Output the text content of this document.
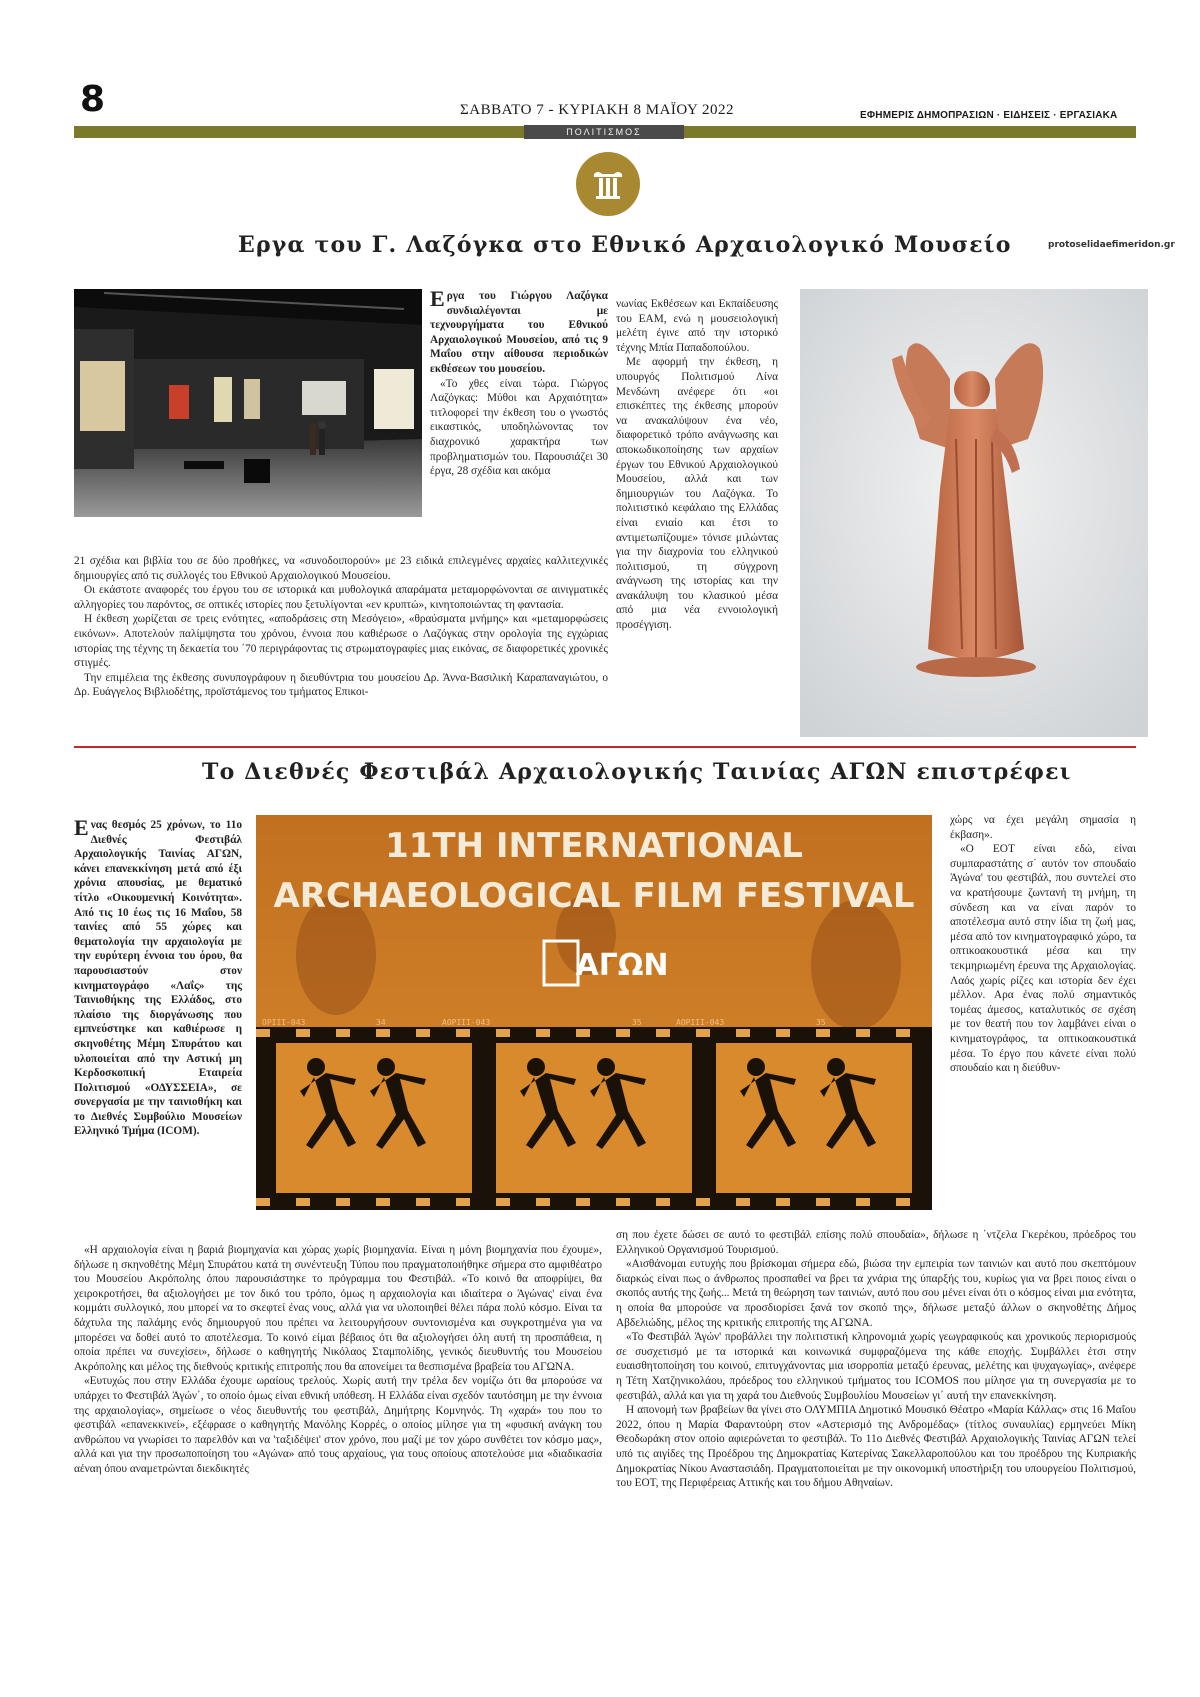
8	ΣΑΒΒΑΤΟ 7 - ΚΥΡΙΑΚΗ 8 ΜΑΪΟΥ 2022	ΕΦΗΜΕΡΙΣ ΔΗΜΟΠΡΑΣΙΩΝ · ΕΙΔΗΣΕΙΣ · ΕΡΓΑΣΙΑΚΑ
ΠΟΛΙΤΙΣΜΟΣ
Εργα του Γ. Λαζόγκα στο Εθνικό Αρχαιολογικό Μουσείο	protoselidaefimeridon.gr

Εργα του Γιώργου Λαζόγκα συνδιαλέγονται με τεχνουργήματα του Εθνικού Αρχαιολογικού Μουσείου, από τις 9 Μαΐου στην αίθουσα περιοδικών εκθέσεων του μουσείου.

«Το χθες είναι τώρα. Γιώργος Λαζόγκας: Μύθοι και Αρχαιότητα» τιτλοφορεί την έκθεση του ο γνωστός εικαστικός, υποδηλώνοντας τον διαχρονικό χαρακτήρα των προβληματισμών του. Παρουσιάζει 30 έργα, 28 σχέδια και ακόμα

21 σχέδια και βιβλία του σε δύο προθήκες, να «συνοδοιπορούν» με 23 ειδικά επιλεγμένες αρχαίες καλλιτεχνικές δημιουργίες από τις συλλογές του Εθνικού Αρχαιολογικού Μουσείου.

Οι εκάστοτε αναφορές του έργου του σε ιστορικά και μυθολογικά απαράματα μεταμορφώνονται σε αινιγματικές αλληγορίες του παρόντος, σε οπτικές ιστορίες που ξετυλίγονται «εν κρυπτώ», κινητοποιώντας τη φαντασία.

Η έκθεση χωρίζεται σε τρεις ενότητες, «αποδράσεις στη Μεσόγειο», «θραύσματα μνήμης» και «μεταμορφώσεις εικόνων». Αποτελούν παλίμψηστα του χρόνου, έννοια που καθιέρωσε ο Λαζόγκας στην ορολογία της εγχώριας ιστορίας της τέχνης τη δεκαετία του ΄70 περιγράφοντας τις στρωματογραφίες μιας εικόνας, σε διαφορετικές χρονικές στιγμές.

Την επιμέλεια της έκθεσης συνυπογράφουν η διευθύντρια του μουσείου Δρ. Άννα-Βασιλική Καραπαναγιώτου, ο Δρ. Ευάγγελος Βιβλιοδέτης, προϊστάμενος του τμήματος Επικοι-

νωνίας Εκθέσεων και Εκπαίδευσης του ΕΑΜ, ενώ η μουσειολογική μελέτη έγινε από την ιστορικό τέχνης Μπία Παπαδοπούλου.

Με αφορμή την έκθεση, η υπουργός Πολιτισμού Λίνα Μενδώνη ανέφερε ότι «οι επισκέπτες της έκθεσης μπορούν να ανακαλύψουν ένα νέο, διαφορετικό τρόπο ανάγνωσης και αποκωδικοποίησης των αρχαίων έργων του Εθνικού Αρχαιολογικού Μουσείου, αλλά και των δημιουργιών του Λαζόγκα. Το πολιτιστικό κεφάλαιο της Ελλάδας είναι ενιαίο και έτσι το αντιμετωπίζουμε» τόνισε μιλώντας για την διαχρονία του ελληνικού πολιτισμού, τη σύγχρονη ανάγνωση της ιστορίας και την ανακάλυψη του κλασικού μέσα από μια νέα εννοιολογική προσέγγιση.

Το Διεθνές Φεστιβάλ Αρχαιολογικής Ταινίας ΑΓΩΝ επιστρέφει

Ενας θεσμός 25 χρόνων, το 11ο Διεθνές Φεστιβάλ Αρχαιολογικής Ταινίας ΑΓΩΝ, κάνει επανεκκίνηση μετά από έξι χρόνια απουσίας, με θεματικό τίτλο «Οικουμενική Κοινότητα». Από τις 10 έως τις 16 Μαΐου, 58 ταινίες από 55 χώρες και θεματολογία την αρχαιολογία με την ευρύτερη έννοια του όρου, θα παρουσιαστούν στον κινηματογράφο «Λαΐς» της Ταινιοθήκης της Ελλάδος, στο πλαίσιο της διοργάνωσης που εμπνεύστηκε και καθιέρωσε η σκηνοθέτης Μέμη Σπυράτου και υλοποιείται από την Αστική μη Κερδοσκοπική Εταιρεία Πολιτισμού «ΟΔΥΣΣΕΙΑ», σε συνεργασία με την ταινιοθήκη και το Διεθνές Συμβούλιο Μουσείων Ελληνικό Τμήμα (ICOM).

11TH INTERNATIONAL
ARCHAEOLOGICAL FILM FESTIVAL
ΑΓΩΝ
ΟΡΙΙΙ-043	34	ΑΟΡΙΙΙ-043	35	ΑΟΡΙΙΙ-043	35

χώρς να έχει μεγάλη σημασία η έκβαση».

«Ο ΕΟΤ είναι εδώ, είναι συμπαραστάτης σ΄ αυτόν τον σπουδαίο Άγώνα' του φεστιβάλ, που συντελεί στο να κρατήσουμε ζωντανή τη μνήμη, τη σύνδεση και να είναι παρόν το αποτέλεσμα αυτό στην ίδια τη ζωή μας, μέσα από τον κινηματογραφικό χώρο, τα οπτικοακουστικά μέσα και την τεκμηριωμένη έρευνα της Αρχαιολογίας. Λαός χωρίς ρίζες και ιστορία δεν έχει μέλλον. Αρα ένας πολύ σημαντικός τομέας άμεσος, καταλυτικός σε σχέση με τον θεατή που τον λαμβάνει είναι ο κινηματογράφος, τα οπτικοακουστικά μέσα. Το έργο που κάνετε είναι πολύ σπουδαίο και η διεύθυν-

«Η αρχαιολογία είναι η βαριά βιομηχανία και χώρας χωρίς βιομηχανία. Είναι η μόνη βιομηχανία που έχουμε», δήλωσε η σκηνοθέτης Μέμη Σπυράτου κατά τη συνέντευξη Τύπου που πραγματοποιήθηκε σήμερα στο αμφιθέατρο του Μουσείου Ακρόπολης όπου παρουσιάστηκε το πρόγραμμα του Φεστιβάλ. «Το κοινό θα αποφρίψει, θα χειροκροτήσει, θα αξιολογήσει με τον δικό του τρόπο, όμως η αρχαιολογία και ιδιαίτερα ο Άγώνας' είναι ένα κομμάτι συλλογικό, που μπορεί να το σκεφτεί ένας νους, αλλά για να υλοποιηθεί θέλει πάρα πολύ κόσμο. Είναι τα δάχτυλα της παλάμης ενός δημιουργού που πρέπει να λειτουργήσουν συντονισμένα και συγκροτημένα για να μπορέσει να δοθεί αυτό το αποτέλεσμα. Το κοινό είμαι βέβαιος ότι θα αξιολογήσει όλη αυτή τη προσπάθεια, η οποία πρέπει να συνεχίσει», δήλωσε ο καθηγητής Νικόλαος Σταμπολίδης, γενικός διευθυντής του Μουσείου Ακρόπολης και μέλος της διεθνούς κριτικής επιτροπής που θα απονείμει τα θεσπισμένα βραβεία του ΑΓΩΝΑ.

«Ευτυχώς που στην Ελλάδα έχουμε ωραίους τρελούς. Χωρίς αυτή την τρέλα δεν νομίζω ότι θα μπορούσε να υπάρχει το Φεστιβάλ Άγών΄, το οποίο όμως είναι εθνική υπόθεση. Η Ελλάδα είναι σχεδόν ταυτόσημη με την έννοια της αρχαιολογίας», σημείωσε ο νέος διευθυντής του φεστιβάλ, Δημήτρης Κομνηνός. Τη «χαρά» του που το φεστιβάλ «επανεκκινεί», εξέφρασε ο καθηγητής Μανόλης Κορρές, ο οποίος μίλησε για τη «φυσική ανάγκη του ανθρώπου να γνωρίσει το παρελθόν και να 'ταξιδέψει' στον χρόνο, που μαζί με τον χώρο συνθέτει τον κόσμο μας», αλλά και για την προσωποποίηση του «Αγώνα» από τους αρχαίους, για τους οποίους αποτελούσε μια «διαδικασία αέναη όπου αναμετρώνται διεκδικητές

ση που έχετε δώσει σε αυτό το φεστιβάλ επίσης πολύ σπουδαία», δήλωσε η ΄ντζελα Γκερέκου, πρόεδρος του Ελληνικού Οργανισμού Τουρισμού.

«Αισθάνομαι ευτυχής που βρίσκομαι σήμερα εδώ, βιώσα την εμπειρία των ταινιών και αυτό που σκεπτόμουν διαρκώς είναι πως ο άνθρωπος προσπαθεί να βρει τα χνάρια της ύπαρξής του, κυρίως για να βρει ποιος είναι ο σκοπός αυτής της ζωής... Μετά τη θεώρηση των ταινιών, αυτό που σου μένει είναι ότι ο κόσμος είναι μια ενότητα, η οποία θα μπορούσε να προσδιορίσει ξανά τον σκοπό της», δήλωσε μεταξύ άλλων ο σκηνοθέτης Δήμος Αβδελιώδης, μέλος της κριτικής επιτροπής της ΑΓΩΝΑ.

«Το Φεστιβάλ Άγών' προβάλλει την πολιτιστική κληρονομιά χωρίς γεωγραφικούς και χρονικούς περιορισμούς σε συσχετισμό με τα ιστορικά και κοινωνικά συμφραζόμενα της κάθε εποχής. Συμβάλλει έτσι στην ευαισθητοποίηση του κοινού, επιτυγχάνοντας μια ισορροπία μεταξύ έρευνας, μελέτης και ψυχαγωγίας», ανέφερε η Τέτη Χατζηνικολάου, πρόεδρος του ελληνικού τμήματος του ICOMOS που μίλησε για τη συνεργασία με το φεστιβάλ, αλλά και για τη χαρά του Διεθνούς Συμβουλίου Μουσείων γι΄ αυτή την επανεκκίνηση.

Η απονομή των βραβείων θα γίνει στο ΟΛΥΜΠΙΑ Δημοτικό Μουσικό Θέατρο «Μαρία Κάλλας» στις 16 Μαΐου 2022, όπου η Μαρία Φαραντούρη στον «Αστερισμό της Ανδρομέδας» (τίτλος συναυλίας) ερμηνεύει Μίκη Θεοδωράκη στον οποίο αφιερώνεται το φεστιβάλ. Το 11ο Διεθνές Φεστιβάλ Αρχαιολογικής Ταινίας ΑΓΩΝ τελεί υπό τις αιγίδες της Προέδρου της Δημοκρατίας Κατερίνας Σακελλαροπούλου και του προέδρου της Κυπριακής Δημοκρατίας Νίκου Αναστασιάδη. Πραγματοποιείται με την οικονομική υποστήριξη του υπουργείου Πολιτισμού, του ΕΟΤ, της Περιφέρειας Αττικής και του δήμου Αθηναίων.
